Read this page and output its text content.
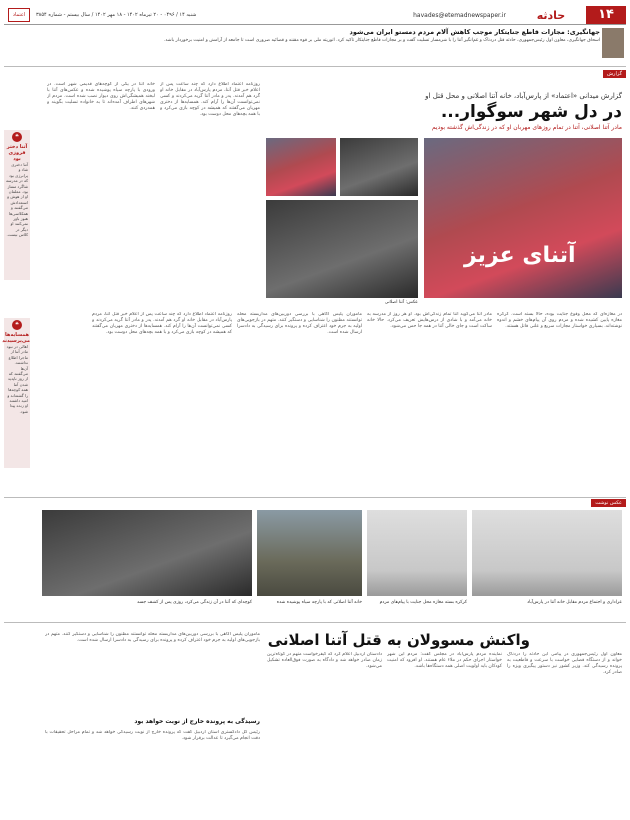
۱۴
حادثه
havades@etemadnewspaper.ir
شنبه ۱۴ / ۰۴۹۶ - ۲۰ تیرماه ۱۴۰۲ - ۱۸ مهر ۱۴۰۲ / سال بیستم - شماره ۳۸۵۴
اعتماد
جهانگیری: مجازات قاطع جنایتکار موجب کاهش آلام مردم دمستو ایران می‌شود
اسحاق جهانگیری، معاون اول رئیس‌جمهوری، حادثه قتل دردناک و غم‌انگیز آتنا را با شرمسار تسلیت گفت و بر مجازات قاطع جنایتکار تاکید کرد. اتوریته ملی بر قوه مقننه و قضائیه ضروری است تا جامعه از آرامش و امنیت برخوردار باشد.
گزارش
گزارش میدانی «اعتماد» از پارس‌آباد، خانه آتنا اصلانی و محل قتل او
در دل شهر سوگوار...
مادر آتنا اصلانی، آتنا در تمام روزهای مهربان او که در زندگی‌اش گذشته بودیم
آتنای عزیز
عکس: آتنا اصلانی
روزنامه اعتماد اطلاع دارد که چند ساعت پس از اعلام خبر قتل آتنا، مردم پارس‌آباد در مقابل خانه او گرد هم آمدند. پدر و مادر آتنا گریه می‌کردند و کسی نمی‌توانست آن‌ها را آرام کند. همسایه‌ها از دختری مهربان می‌گفتند که همیشه در کوچه بازی می‌کرد و با همه بچه‌های محل دوست بود.
خانه آتنا در یکی از کوچه‌های قدیمی شهر است. در ورودی با پارچه سیاه پوشیده شده و عکس‌های آتنا با لبخند همیشگی‌اش روی دیوار نصب شده است. مردم از شهرهای اطراف آمده‌اند تا به خانواده تسلیت بگویند و همدردی کنند.
در مغازه‌ای که محل وقوع جنایت بوده، حالا بسته است. کرکره مغازه پایین کشیده شده و مردم روی آن پیام‌های خشم و اندوه نوشته‌اند. بسیاری خواستار مجازات سریع و علنی قاتل هستند.
مادر آتنا می‌گوید آتنا تمام زندگی‌اش بود. او هر روز از مدرسه به خانه می‌آمد و با شادی از درس‌هایش تعریف می‌کرد. حالا خانه ساکت است و جای خالی آتنا در همه جا حس می‌شود.
ماموران پلیس آگاهی با بررسی دوربین‌های مداربسته محله توانستند مظنون را شناسایی و دستگیر کنند. متهم در بازجویی‌های اولیه به جرم خود اعتراف کرده و پرونده برای رسیدگی به دادسرا ارسال شده است.
روزنامه اعتماد اطلاع دارد که چند ساعت پس از اعلام خبر قتل آتنا، مردم پارس‌آباد در مقابل خانه او گرد هم آمدند. پدر و مادر آتنا گریه می‌کردند و کسی نمی‌توانست آن‌ها را آرام کند. همسایه‌ها از دختری مهربان می‌گفتند که همیشه در کوچه بازی می‌کرد و با همه بچه‌های محل دوست بود.
❝
آتنا دختر فروزی بود
آتنا دختری شاد و پرانرژی بود که در مدرسه شاگرد ممتاز بود. معلمان او از هوش و استعدادش می‌گفتند و همکلاسی‌ها هنوز باور نمی‌کنند او دیگر در کلاس نیست.
❝
همسایه‌ها می‌پرسیدند
اهالی در نبود مادر آتنا از ماجرا اطلاع نداشتند. آن‌ها می‌گفتند که از روز ناپدید شدن آتنا همه کوچه‌ها را گشته‌اند و امید داشتند او زنده پیدا شود.
عکس نوشت
عزاداری و اجتماع مردم مقابل خانه آتنا در پارس‌آباد
کرکره بسته مغازه محل جنایت با پیام‌های مردم
خانه آتنا اصلانی که با پارچه سیاه پوشیده شده
کوچه‌ای که آتنا در آن زندگی می‌کرد، روزی پس از کشف جسد
واکنش مسوولان به قتل آتنا اصلانی
معاون اول رئیس‌جمهوری در پیامی این حادثه را دردناک خواند و از دستگاه قضایی خواست با سرعت و قاطعیت به پرونده رسیدگی کند. وزیر کشور نیز دستور پیگیری ویژه را صادر کرد.
نماینده مردم پارس‌آباد در مجلس گفت: مردم این شهر خواستار اجرای حکم در ملاء عام هستند. او افزود که امنیت کودکان باید اولویت اصلی همه دستگاه‌ها باشد.
دادستان اردبیل اعلام کرد که کیفرخواست متهم در کوتاه‌ترین زمان صادر خواهد شد و دادگاه به صورت فوق‌العاده تشکیل می‌شود.
رسیدگی به پرونده خارج از نوبت خواهد بود
رئیس کل دادگستری استان اردبیل گفت که پرونده خارج از نوبت رسیدگی خواهد شد و تمام مراحل تحقیقات با دقت انجام می‌گیرد تا عدالت برقرار شود.
ماموران پلیس آگاهی با بررسی دوربین‌های مداربسته محله توانستند مظنون را شناسایی و دستگیر کنند. متهم در بازجویی‌های اولیه به جرم خود اعتراف کرده و پرونده برای رسیدگی به دادسرا ارسال شده است.
